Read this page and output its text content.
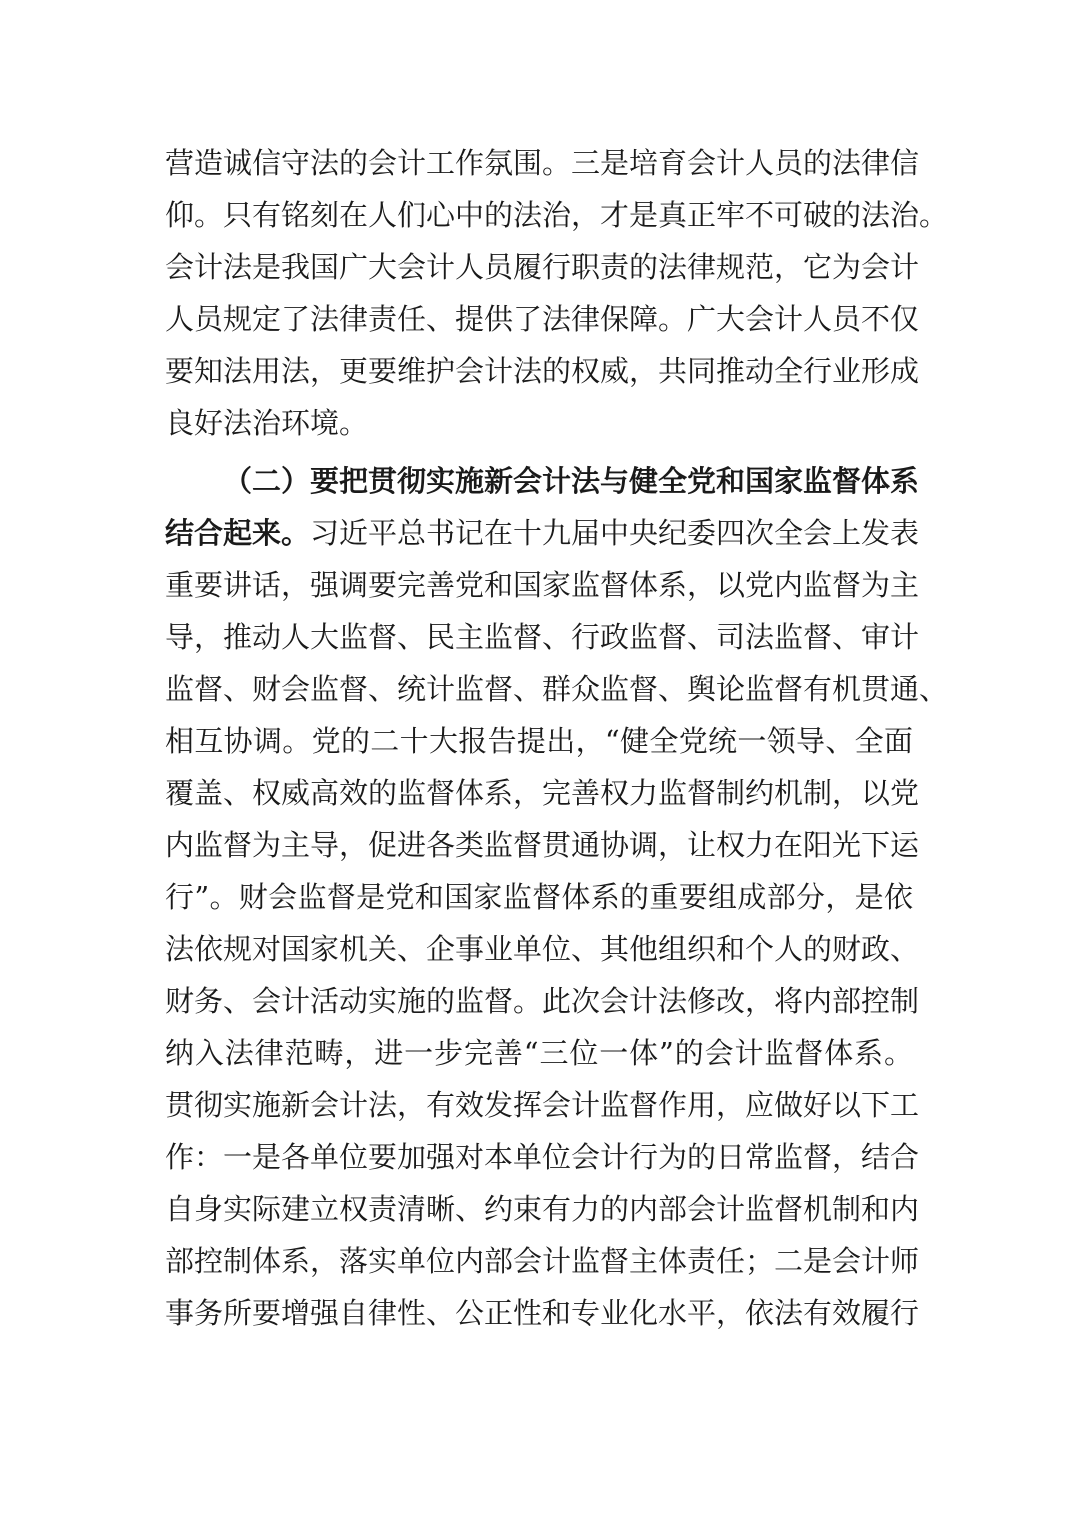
营造诚信守法的会计工作氛围。三是培育会计人员的法律信
仰。只有铭刻在人们心中的法治，才是真正牢不可破的法治。
会计法是我国广大会计人员履行职责的法律规范，它为会计
人员规定了法律责任、提供了法律保障。广大会计人员不仅
要知法用法，更要维护会计法的权威，共同推动全行业形成
良好法治环境。
（二）要把贯彻实施新会计法与健全党和国家监督体系
结合起来。习近平总书记在十九届中央纪委四次全会上发表
重要讲话，强调要完善党和国家监督体系，以党内监督为主
导，推动人大监督、民主监督、行政监督、司法监督、审计
监督、财会监督、统计监督、群众监督、舆论监督有机贯通、
相互协调。党的二十大报告提出，“健全党统一领导、全面
覆盖、权威高效的监督体系，完善权力监督制约机制，以党
内监督为主导，促进各类监督贯通协调，让权力在阳光下运
行”。财会监督是党和国家监督体系的重要组成部分，是依
法依规对国家机关、企事业单位、其他组织和个人的财政、
财务、会计活动实施的监督。此次会计法修改，将内部控制
纳入法律范畴，进一步完善“三位一体”的会计监督体系。
贯彻实施新会计法，有效发挥会计监督作用，应做好以下工
作：一是各单位要加强对本单位会计行为的日常监督，结合
自身实际建立权责清晰、约束有力的内部会计监督机制和内
部控制体系，落实单位内部会计监督主体责任；二是会计师
事务所要增强自律性、公正性和专业化水平，依法有效履行
